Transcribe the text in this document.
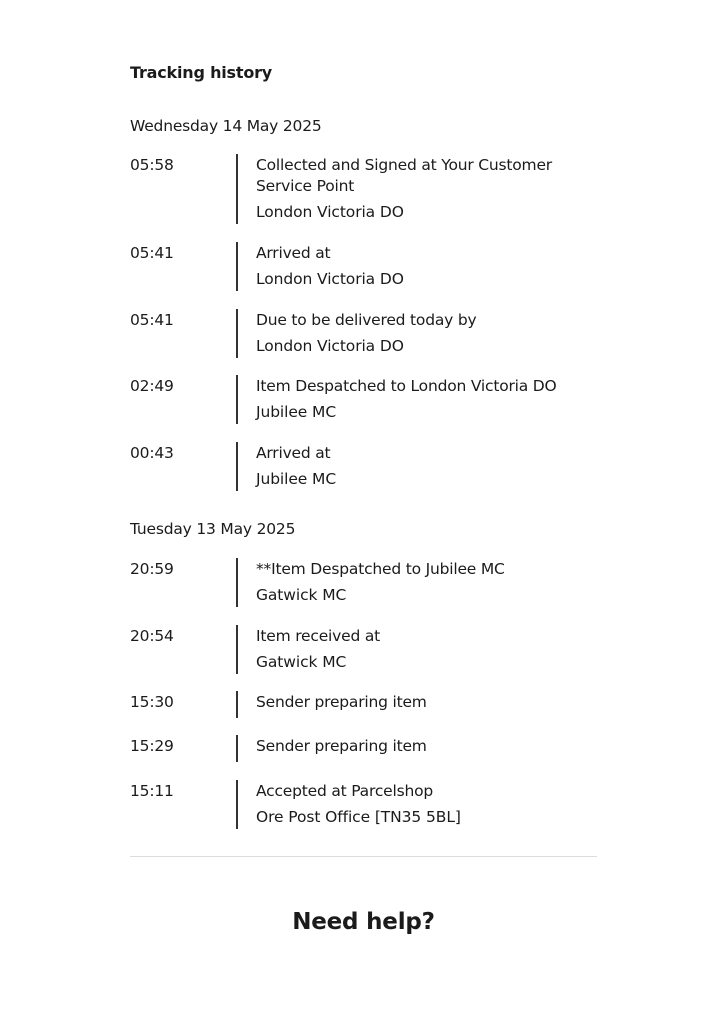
Tracking history
Wednesday 14 May 2025
05:58	Collected and Signed at Your Customer Service Point
London Victoria DO
05:41	Arrived at
London Victoria DO
05:41	Due to be delivered today by
London Victoria DO
02:49	Item Despatched to London Victoria DO
Jubilee MC
00:43	Arrived at
Jubilee MC
Tuesday 13 May 2025
20:59	**Item Despatched to Jubilee MC
Gatwick MC
20:54	Item received at
Gatwick MC
15:30	Sender preparing item
15:29	Sender preparing item
15:11	Accepted at Parcelshop
Ore Post Office [TN35 5BL]
Need help?
